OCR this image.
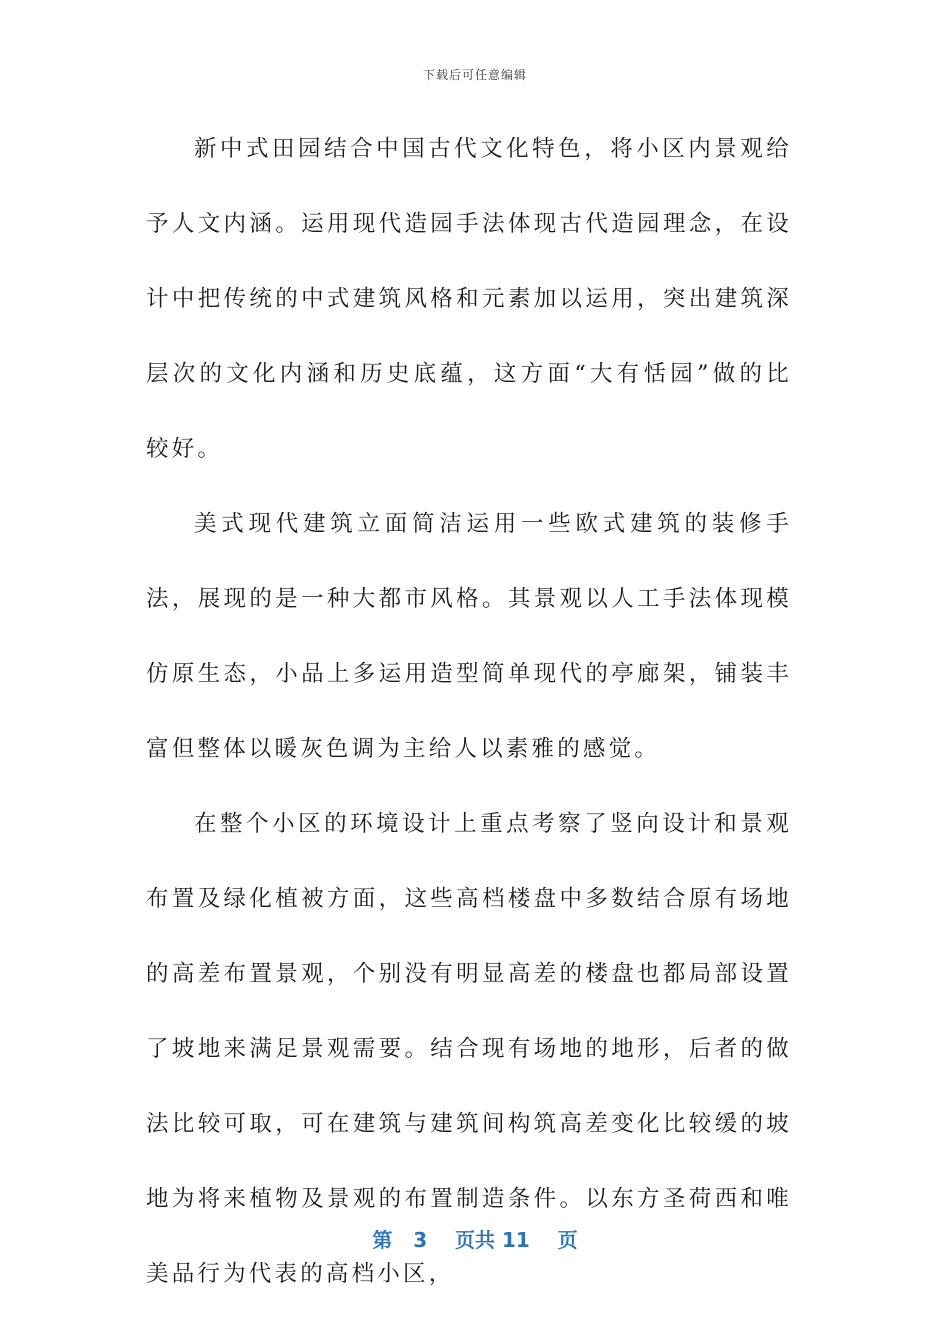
下载后可任意编辑

新中式田园结合中国古代文化特色，将小区内景观给予人文内涵。运用现代造园手法体现古代造园理念，在设计中把传统的中式建筑风格和元素加以运用，突出建筑深层次的文化内涵和历史底蕴，这方面“大有恬园”做的比较好。

美式现代建筑立面简洁运用一些欧式建筑的装修手法，展现的是一种大都市风格。其景观以人工手法体现模仿原生态，小品上多运用造型简单现代的亭廊架，铺装丰富但整体以暖灰色调为主给人以素雅的感觉。

在整个小区的环境设计上重点考察了竖向设计和景观布置及绿化植被方面，这些高档楼盘中多数结合原有场地的高差布置景观，个别没有明显高差的楼盘也都局部设置了坡地来满足景观需要。结合现有场地的地形，后者的做法比较可取，可在建筑与建筑间构筑高差变化比较缓的坡地为将来植物及景观的布置制造条件。以东方圣荷西和唯美品行为代表的高档小区，

第 3 页共 11 页
